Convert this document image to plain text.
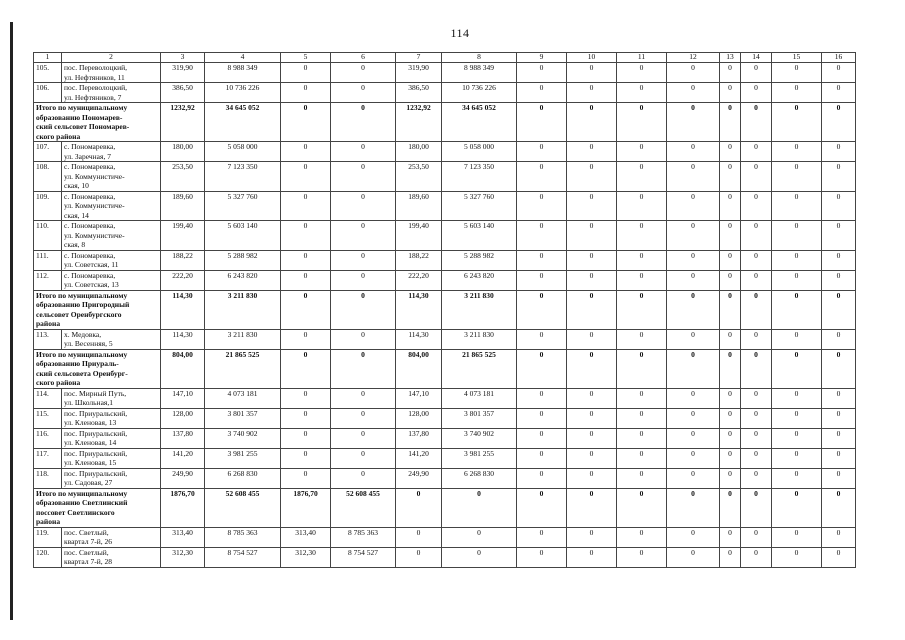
114
1	2	3	4	5	6	7	8	9	10	11	12	13	14	15	16
105.	пос. Переволоцкий,
ул. Нефтяников, 11	319,90	8 988 349	0	0	319,90	8 988 349	0	0	0	0	0	0	0	0
106.	пос. Переволоцкий,
ул. Нефтяников, 7	386,50	10 736 226	0	0	386,50	10 736 226	0	0	0	0	0	0	0	0

Итого по муниципальному
образованию Пономарев-
ский сельсовет Пономарев-
ского района		1232,92	34 645 052	0	0	1232,92	34 645 052	0	0	0	0	0	0	0	0
107.	с. Пономаревка,
ул. Заречная, 7	180,00	5 058 000	0	0	180,00	5 058 000	0	0	0	0	0	0	0	0
108.	с. Пономаревка,
ул. Коммунистиче-
ская, 10	253,50	7 123 350	0	0	253,50	7 123 350	0	0	0	0	0	0	0	0
109.	с. Пономаревка,
ул. Коммунистиче-
ская, 14	189,60	5 327 760	0	0	189,60	5 327 760	0	0	0	0	0	0	0	0
110.	с. Пономаревка,
ул. Коммунистиче-
ская, 8	199,40	5 603 140	0	0	199,40	5 603 140	0	0	0	0	0	0	0	0
111.	с. Пономаревка,
ул. Советская, 11	188,22	5 288 982	0	0	188,22	5 288 982	0	0	0	0	0	0	0	0
112.	с. Пономаревка,
ул. Советская, 13	222,20	6 243 820	0	0	222,20	6 243 820	0	0	0	0	0	0	0	0

Итого по муниципальному
образованию Пригородный
сельсовет Оренбургского
района		114,30	3 211 830	0	0	114,30	3 211 830	0	0	0	0	0	0	0	0
113.	х. Медовка,
ул. Весенняя, 5	114,30	3 211 830	0	0	114,30	3 211 830	0	0	0	0	0	0	0	0

Итого по муниципальному
образованию Приураль-
ский сельсовета Оренбург-
ского района		804,00	21 865 525	0	0	804,00	21 865 525	0	0	0	0	0	0	0	0
114.	пос. Мирный Путь,
ул. Школьная,1	147,10	4 073 181	0	0	147,10	4 073 181	0	0	0	0	0	0	0	0
115.	пос. Приуральский,
ул. Кленовая, 13	128,00	3 801 357	0	0	128,00	3 801 357	0	0	0	0	0	0	0	0
116.	пос. Приуральский,
ул. Кленовая, 14	137,80	3 740 902	0	0	137,80	3 740 902	0	0	0	0	0	0	0	0
117.	пос. Приуральский,
ул. Кленовая, 15	141,20	3 981 255	0	0	141,20	3 981 255	0	0	0	0	0	0	0	0
118.	пос. Приуральский,
ул. Садовая, 27	249,90	6 268 830	0	0	249,90	6 268 830	0	0	0	0	0	0	0	0

Итого по муниципальному
образованию Светлинский
поссовет Светлинского
района		1876,70	52 608 455	1876,70	52 608 455	0	0	0	0	0	0	0	0	0	0
119.	пос. Светлый,
квартал 7-й, 26	313,40	8 785 363	313,40	8 785 363	0	0	0	0	0	0	0	0	0	0
120.	пос. Светлый,
квартал 7-й, 28	312,30	8 754 527	312,30	8 754 527	0	0	0	0	0	0	0	0	0	0
